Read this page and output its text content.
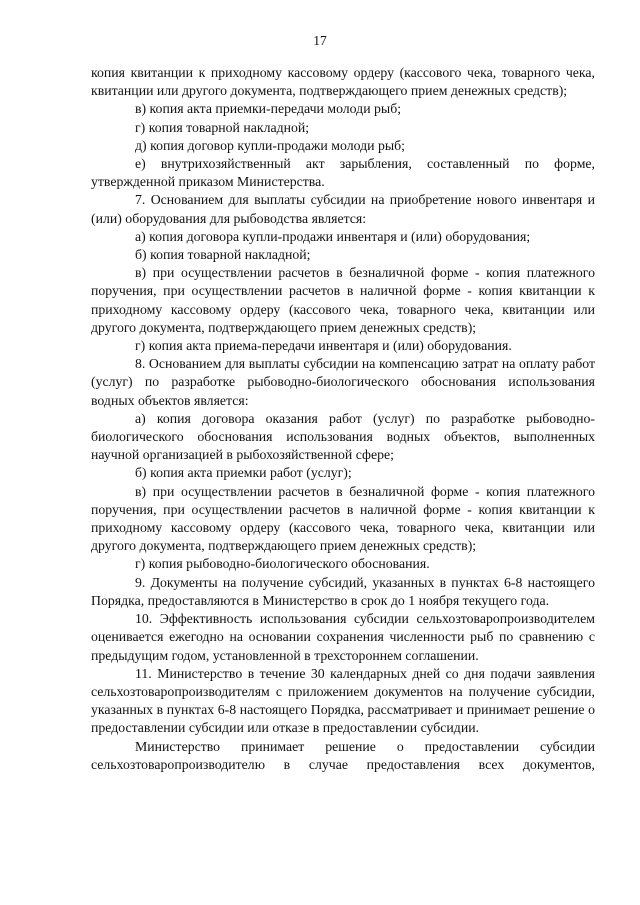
17

копия квитанции к приходному кассовому ордеру (кассового чека, товарного чека, квитанции или другого документа, подтверждающего прием денежных средств);

в) копия акта приемки-передачи молоди рыб;

г) копия товарной накладной;

д) копия договор купли-продажи молоди рыб;

е) внутрихозяйственный акт зарыбления, составленный по форме, утвержденной приказом Министерства.

7. Основанием для выплаты субсидии на приобретение нового инвентаря и (или) оборудования для рыбоводства является:

а) копия договора купли-продажи инвентаря и (или) оборудования;

б) копия товарной накладной;

в) при осуществлении расчетов в безналичной форме - копия платежного поручения, при осуществлении расчетов в наличной форме - копия квитанции к приходному кассовому ордеру (кассового чека, товарного чека, квитанции или другого документа, подтверждающего прием денежных средств);

г) копия акта приема-передачи инвентаря и (или) оборудования.

8. Основанием для выплаты субсидии на компенсацию затрат на оплату работ (услуг) по разработке рыбоводно-биологического обоснования использования водных объектов является:

а) копия договора оказания работ (услуг) по разработке рыбоводно-биологического обоснования использования водных объектов, выполненных научной организацией в рыбохозяйственной сфере;

б) копия акта приемки работ (услуг);

в) при осуществлении расчетов в безналичной форме - копия платежного поручения, при осуществлении расчетов в наличной форме - копия квитанции к приходному кассовому ордеру (кассового чека, товарного чека, квитанции или другого документа, подтверждающего прием денежных средств);

г) копия рыбоводно-биологического обоснования.

9. Документы на получение субсидий, указанных в пунктах 6-8 настоящего Порядка, предоставляются в Министерство в срок до 1 ноября текущего года.

10. Эффективность использования субсидии сельхозтоваропроизводителем оценивается ежегодно на основании сохранения численности рыб по сравнению с предыдущим годом, установленной в трехстороннем соглашении.

11. Министерство в течение 30 календарных дней со дня подачи заявления сельхозтоваропроизводителям с приложением документов на получение субсидии, указанных в пунктах 6-8 настоящего Порядка, рассматривает и принимает решение о предоставлении субсидии или отказе в предоставлении субсидии.

Министерство принимает решение о предоставлении субсидии сельхозтоваропроизводителю в случае предоставления всех документов,
